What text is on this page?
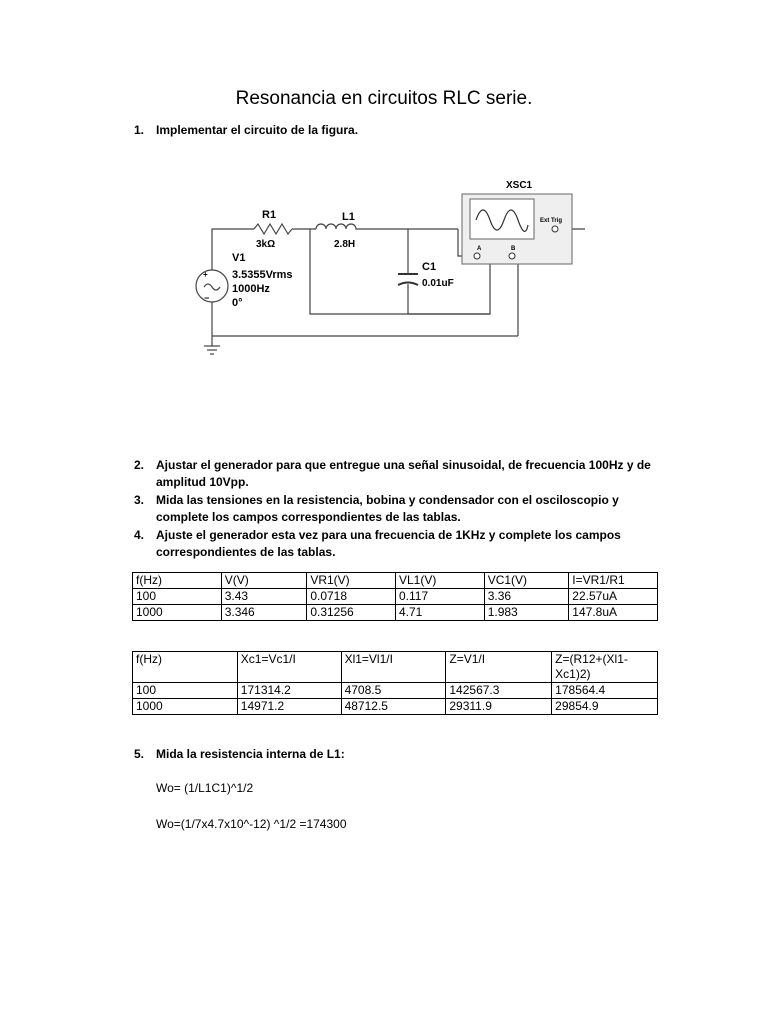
Resonancia en circuitos RLC serie.
1. Implementar el circuito de la figura.
R1
3kΩ
L1
2.8H
C1
0.01uF
+
−
V1
3.5355Vrms
1000Hz
0°
XSC1
Ext Trig
A	B
2. Ajustar el generador para que entregue una señal sinusoidal, de frecuencia 100Hz y de amplitud 10Vpp.
3. Mida las tensiones en la resistencia, bobina y condensador con el osciloscopio y complete los campos correspondientes de las tablas.
4. Ajuste el generador esta vez para una frecuencia de 1KHz y complete los campos correspondientes de las tablas.
f(Hz)	V(V)	VR1(V)	VL1(V)	VC1(V)	I=VR1/R1
100	3.43	0.0718	0.117	3.36	22.57uA
1000	3.346	0.31256	4.71	1.983	147.8uA
f(Hz)	Xc1=Vc1/I	Xl1=Vl1/I	Z=V1/I	Z=(R12+(Xl1-Xc1)2)
100	171314.2	4708.5	142567.3	178564.4
1000	14971.2	48712.5	29311.9	29854.9
5. Mida la resistencia interna de L1:
Wo= (1/L1C1)^1/2
Wo=(1/7x4.7x10^-12) ^1/2 =174300
